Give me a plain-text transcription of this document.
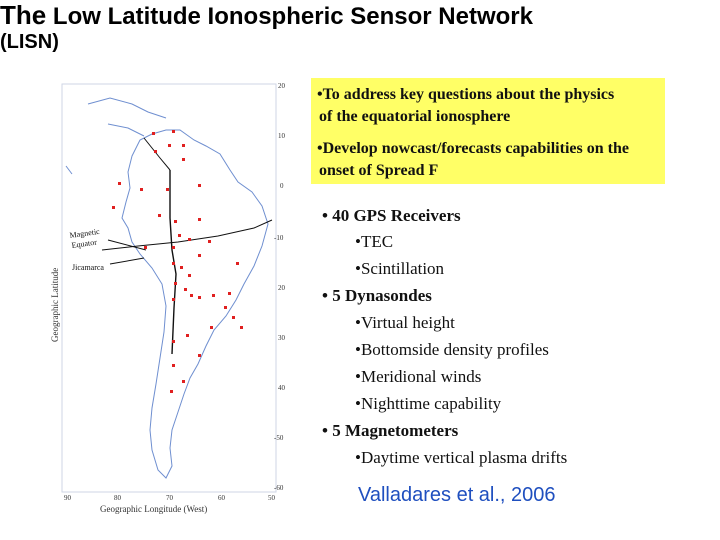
The Low Latitude Ionospheric Sensor Network
(LISN)
•To address key questions about the physics
of the equatorial ionosphere
•Develop nowcast/forecasts capabilities on the
onset of Spread F
• 40 GPS Receivers
•TEC
•Scintillation
• 5 Dynasondes
•Virtual height
•Bottomside density profiles
•Meridional winds
•Nighttime capability
• 5 Magnetometers
•Daytime vertical plasma drifts
Valladares et al., 2006
Geographic Latitude
Geographic Longitude (West)
20
10
0
-10
20
30
40
-50
-60
90	80	70	60	50
Magnetic
Equator
Jicamarca
